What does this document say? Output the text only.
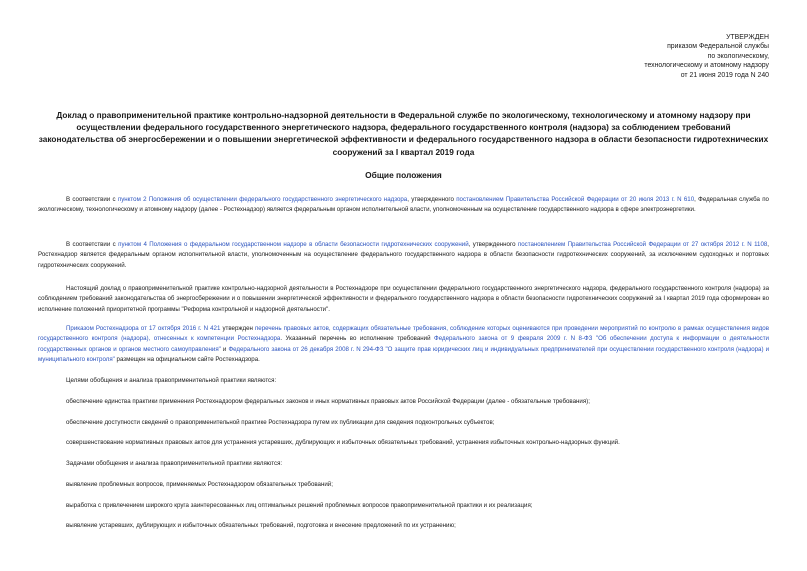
УТВЕРЖДЕН
приказом Федеральной службы
по экологическому,
технологическому и атомному надзору
от 21 июня 2019 года N 240
Доклад о правоприменительной практике контрольно-надзорной деятельности в Федеральной службе по экологическому, технологическому и атомному надзору при осуществлении федерального государственного энергетического надзора, федерального государственного контроля (надзора) за соблюдением требований законодательства об энергосбережении и о повышении энергетической эффективности и федерального государственного надзора в области безопасности гидротехнических сооружений за I квартал 2019 года
Общие положения

В соответствии с пунктом 2 Положения об осуществлении федерального государственного энергетического надзора, утвержденного постановлением Правительства Российской Федерации от 20 июля 2013 г. N 610, Федеральная служба по экологическому, технологическому и атомному надзору (далее - Ростехнадзор) является федеральным органом исполнительной власти, уполномоченным на осуществление государственного надзора в сфере электроэнергетики.

В соответствии с пунктом 4 Положения о федеральном государственном надзоре в области безопасности гидротехнических сооружений, утвержденного постановлением Правительства Российской Федерации от 27 октября 2012 г. N 1108, Ростехнадзор является федеральным органом исполнительной власти, уполномоченным на осуществление федерального государственного надзора в области безопасности гидротехнических сооружений, за исключением судоходных и портовых гидротехнических сооружений.

Настоящий доклад о правоприменительной практике контрольно-надзорной деятельности в Ростехнадзоре при осуществлении федерального государственного энергетического надзора, федерального государственного контроля (надзора) за соблюдением требований законодательства об энергосбережении и о повышении энергетической эффективности и федерального государственного надзора в области безопасности гидротехнических сооружений за I квартал 2019 года сформирован во исполнение положений приоритетной программы "Реформа контрольной и надзорной деятельности".

Приказом Ростехнадзора от 17 октября 2016 г. N 421 утвержден перечень правовых актов, содержащих обязательные требования, соблюдение которых оцениваются при проведении мероприятий по контролю в рамках осуществления видов государственного контроля (надзора), отнесенных к компетенции Ростехнадзора. Указанный перечень во исполнение требований Федерального закона от 9 февраля 2009 г. N 8-ФЗ "Об обеспечении доступа к информации о деятельности государственных органов и органов местного самоуправления" и Федерального закона от 26 декабря 2008 г. N 294-ФЗ "О защите прав юридических лиц и индивидуальных предпринимателей при осуществлении государственного контроля (надзора) и муниципального контроля" размещен на официальном сайте Ростехнадзора.

Целями обобщения и анализа правоприменительной практики являются:

обеспечение единства практики применения Ростехнадзором федеральных законов и иных нормативных правовых актов Российской Федерации (далее - обязательные требования);

обеспечение доступности сведений о правоприменительной практике Ростехнадзора путем их публикации для сведения подконтрольных субъектов;

совершенствование нормативных правовых актов для устранения устаревших, дублирующих и избыточных обязательных требований, устранения избыточных контрольно-надзорных функций.

Задачами обобщения и анализа правоприменительной практики являются:

выявление проблемных вопросов, применяемых Ростехнадзором обязательных требований;

выработка с привлечением широкого круга заинтересованных лиц оптимальных решений проблемных вопросов правоприменительной практики и их реализация;

выявление устаревших, дублирующих и избыточных обязательных требований, подготовка и внесение предложений по их устранению;
